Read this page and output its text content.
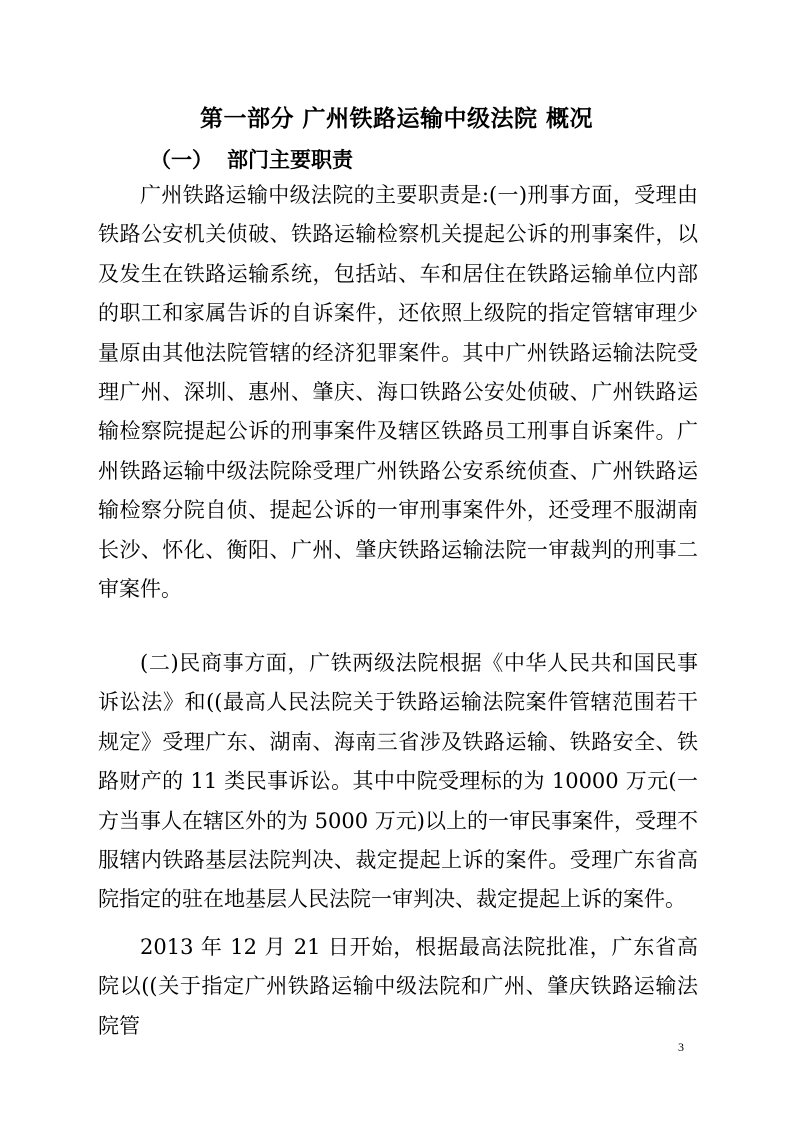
第一部分 广州铁路运输中级法院 概况
（一） 部门主要职责

广州铁路运输中级法院的主要职责是:(一)刑事方面，受理由铁路公安机关侦破、铁路运输检察机关提起公诉的刑事案件，以及发生在铁路运输系统，包括站、车和居住在铁路运输单位内部的职工和家属告诉的自诉案件，还依照上级院的指定管辖审理少量原由其他法院管辖的经济犯罪案件。其中广州铁路运输法院受理广州、深圳、惠州、肇庆、海口铁路公安处侦破、广州铁路运输检察院提起公诉的刑事案件及辖区铁路员工刑事自诉案件。广州铁路运输中级法院除受理广州铁路公安系统侦查、广州铁路运输检察分院自侦、提起公诉的一审刑事案件外，还受理不服湖南长沙、怀化、衡阳、广州、肇庆铁路运输法院一审裁判的刑事二审案件。

(二)民商事方面，广铁两级法院根据《中华人民共和国民事诉讼法》和((最高人民法院关于铁路运输法院案件管辖范围若干规定》受理广东、湖南、海南三省涉及铁路运输、铁路安全、铁路财产的 11 类民事诉讼。其中中院受理标的为 10000 万元(一方当事人在辖区外的为 5000 万元)以上的一审民事案件，受理不服辖内铁路基层法院判决、裁定提起上诉的案件。受理广东省高院指定的驻在地基层人民法院一审判决、裁定提起上诉的案件。

2013 年 12 月 21 日开始，根据最高法院批准，广东省高院以((关于指定广州铁路运输中级法院和广州、肇庆铁路运输法院管

3
